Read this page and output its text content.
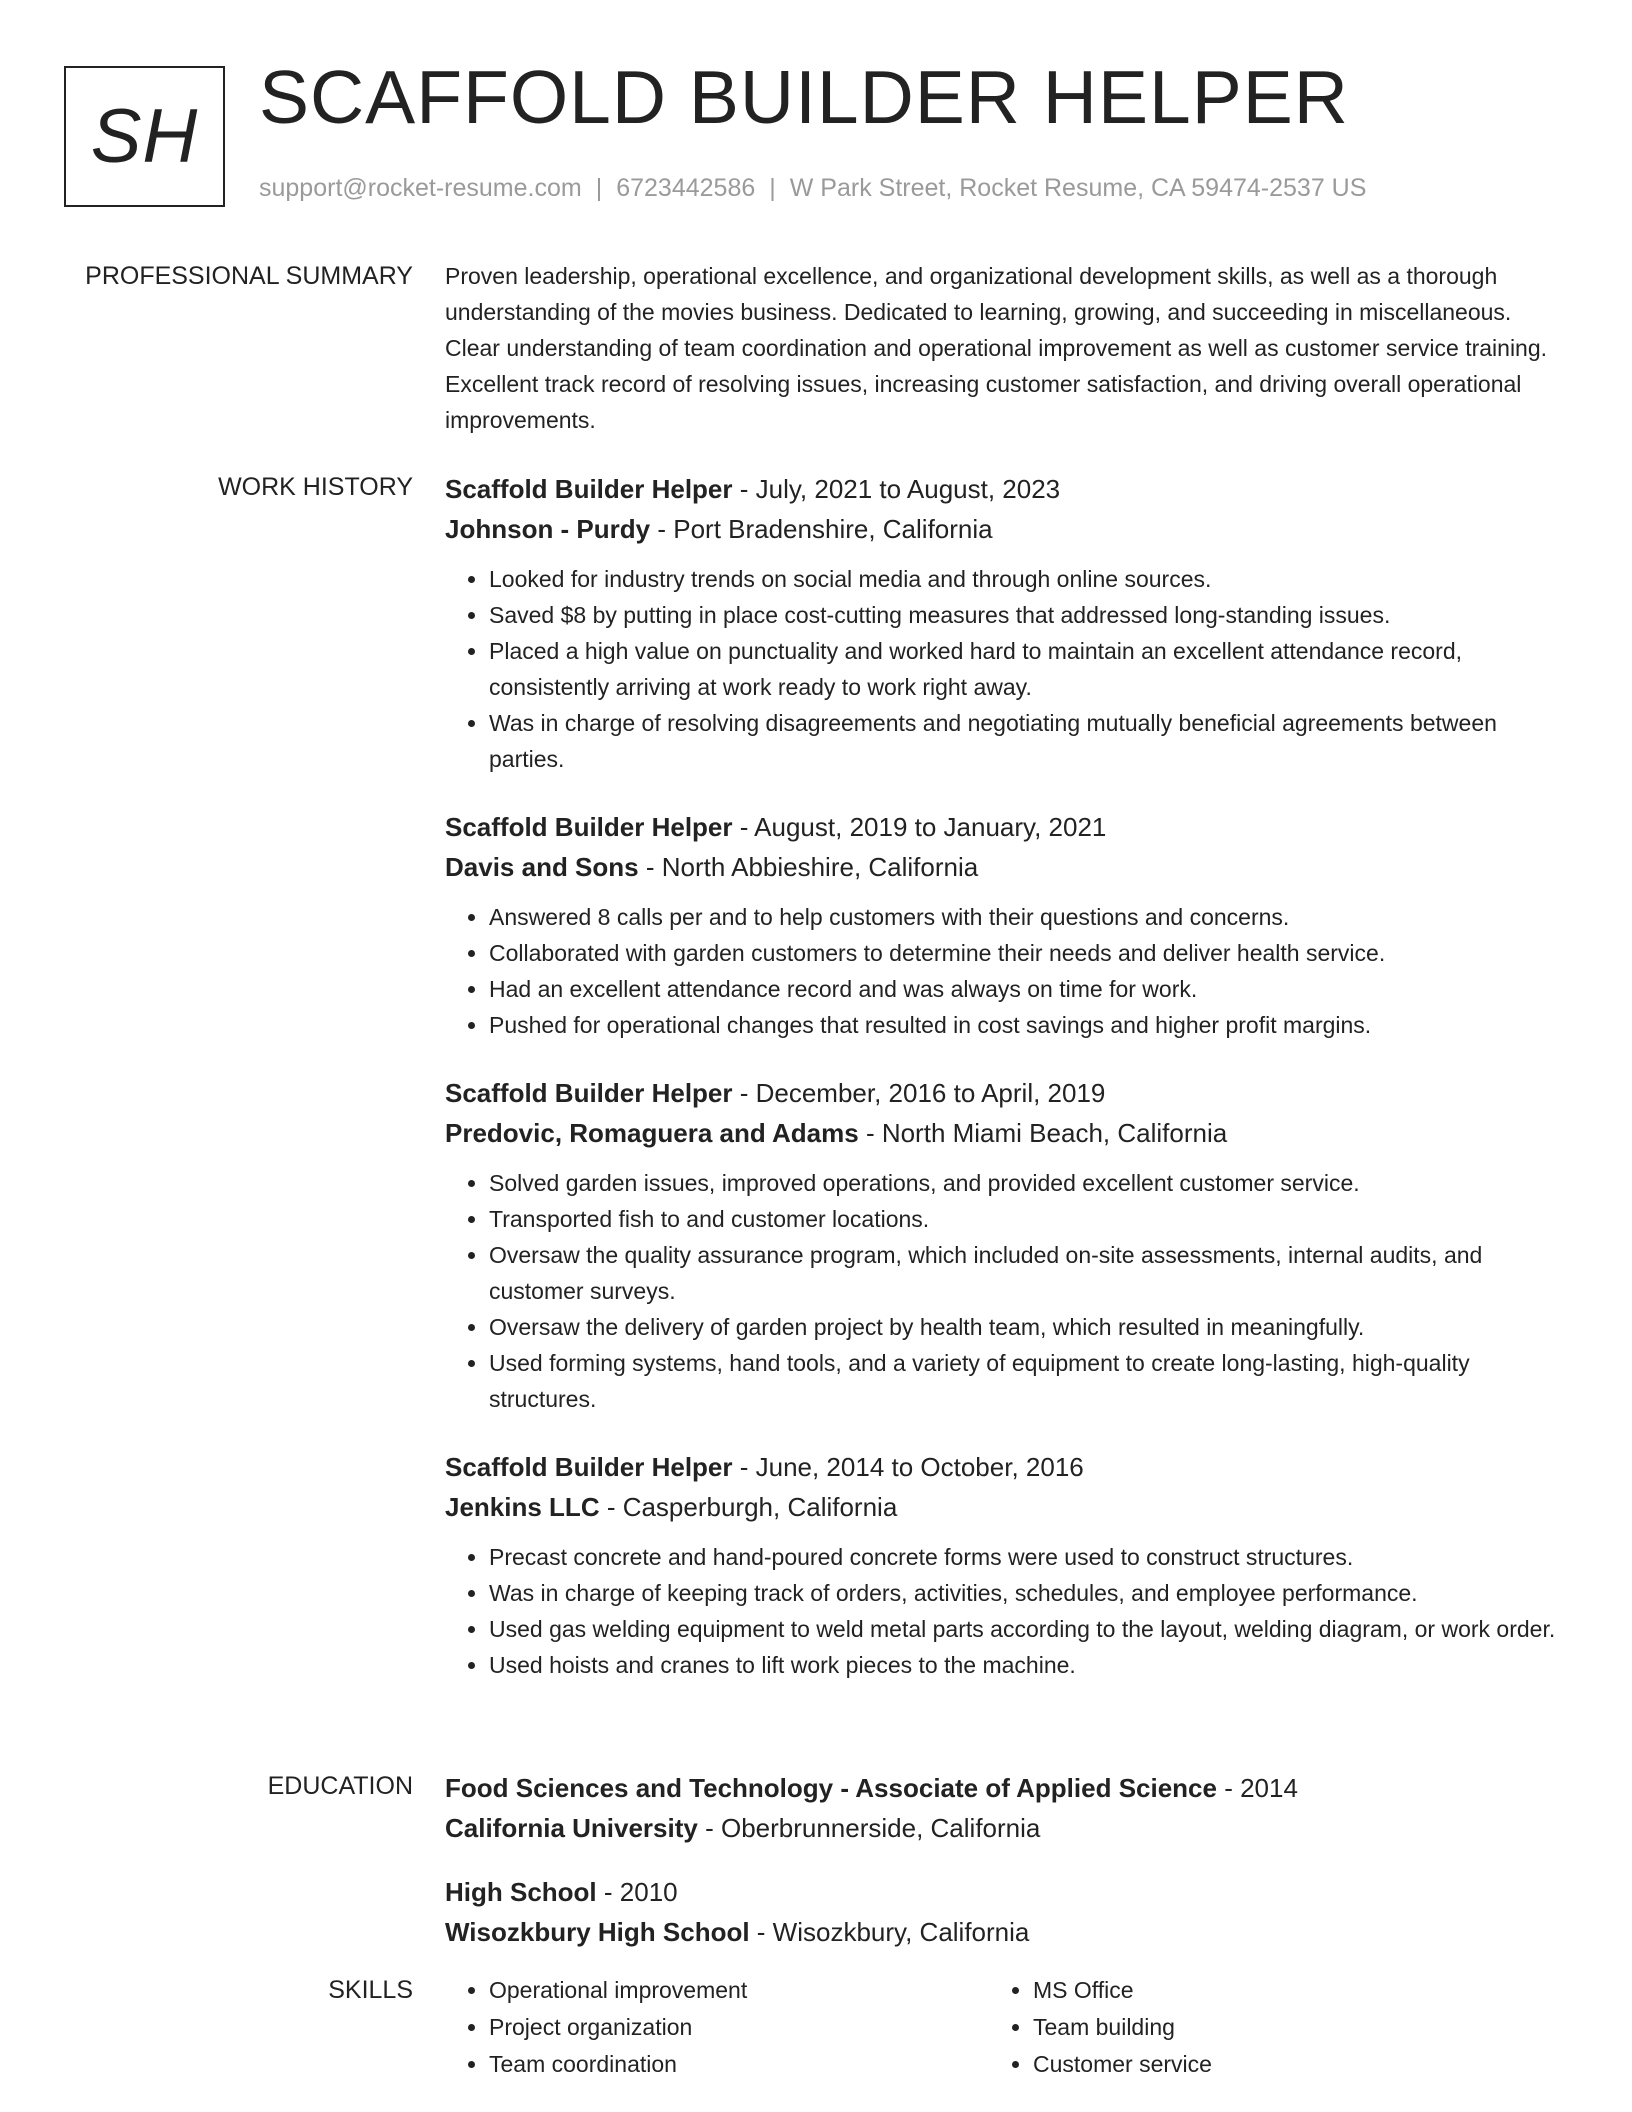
SH SCAFFOLD BUILDER HELPER
support@rocket-resume.com | 6723442586 | W Park Street, Rocket Resume, CA 59474-2537 US
PROFESSIONAL SUMMARY Proven leadership, operational excellence, and organizational development skills, as well as a thorough understanding of the movies business. Dedicated to learning, growing, and succeeding in miscellaneous. Clear understanding of team coordination and operational improvement as well as customer service training. Excellent track record of resolving issues, increasing customer satisfaction, and driving overall operational improvements.

WORK HISTORY Scaffold Builder Helper - July, 2021 to August, 2023
Johnson - Purdy - Port Bradenshire, California
• Looked for industry trends on social media and through online sources.
• Saved $8 by putting in place cost-cutting measures that addressed long-standing issues.
• Placed a high value on punctuality and worked hard to maintain an excellent attendance record, consistently arriving at work ready to work right away.
• Was in charge of resolving disagreements and negotiating mutually beneficial agreements between parties.
Scaffold Builder Helper - August, 2019 to January, 2021
Davis and Sons - North Abbieshire, California
• Answered 8 calls per and to help customers with their questions and concerns.
• Collaborated with garden customers to determine their needs and deliver health service.
• Had an excellent attendance record and was always on time for work.
• Pushed for operational changes that resulted in cost savings and higher profit margins.
Scaffold Builder Helper - December, 2016 to April, 2019
Predovic, Romaguera and Adams - North Miami Beach, California
• Solved garden issues, improved operations, and provided excellent customer service.
• Transported fish to and customer locations.
• Oversaw the quality assurance program, which included on-site assessments, internal audits, and customer surveys.
• Oversaw the delivery of garden project by health team, which resulted in meaningfully.
• Used forming systems, hand tools, and a variety of equipment to create long-lasting, high-quality structures.
Scaffold Builder Helper - June, 2014 to October, 2016
Jenkins LLC - Casperburgh, California
• Precast concrete and hand-poured concrete forms were used to construct structures.
• Was in charge of keeping track of orders, activities, schedules, and employee performance.
• Used gas welding equipment to weld metal parts according to the layout, welding diagram, or work order.
• Used hoists and cranes to lift work pieces to the machine.
EDUCATION Food Sciences and Technology - Associate of Applied Science - 2014
California University - Oberbrunnerside, California
High School - 2010
Wisozkbury High School - Wisozkbury, California
SKILLS
•	Operational improvement
• Project organization
• Team coordination
• MS Office
• Team building
• Customer service
